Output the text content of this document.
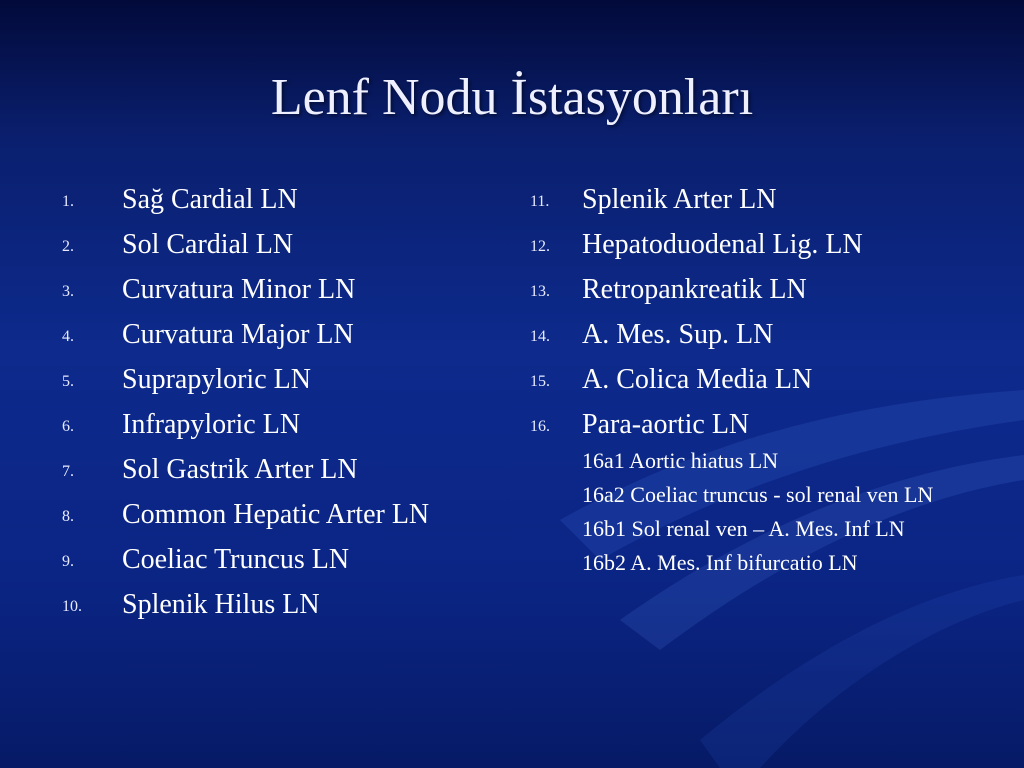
Lenf Nodu İstasyonları
1. Sağ Cardial LN
2. Sol Cardial LN
3. Curvatura Minor LN
4. Curvatura Major LN
5. Suprapyloric LN
6. Infrapyloric LN
7. Sol Gastrik Arter LN
8. Common Hepatic Arter LN
9. Coeliac Truncus LN
10. Splenik Hilus LN
11. Splenik Arter LN
12. Hepatoduodenal Lig. LN
13. Retropankreatik LN
14. A. Mes. Sup. LN
15. A. Colica Media LN
16. Para-aortic LN
16a1 Aortic hiatus LN
16a2 Coeliac truncus - sol renal ven LN
16b1 Sol renal ven – A. Mes. Inf LN
16b2 A. Mes. Inf bifurcatio LN
